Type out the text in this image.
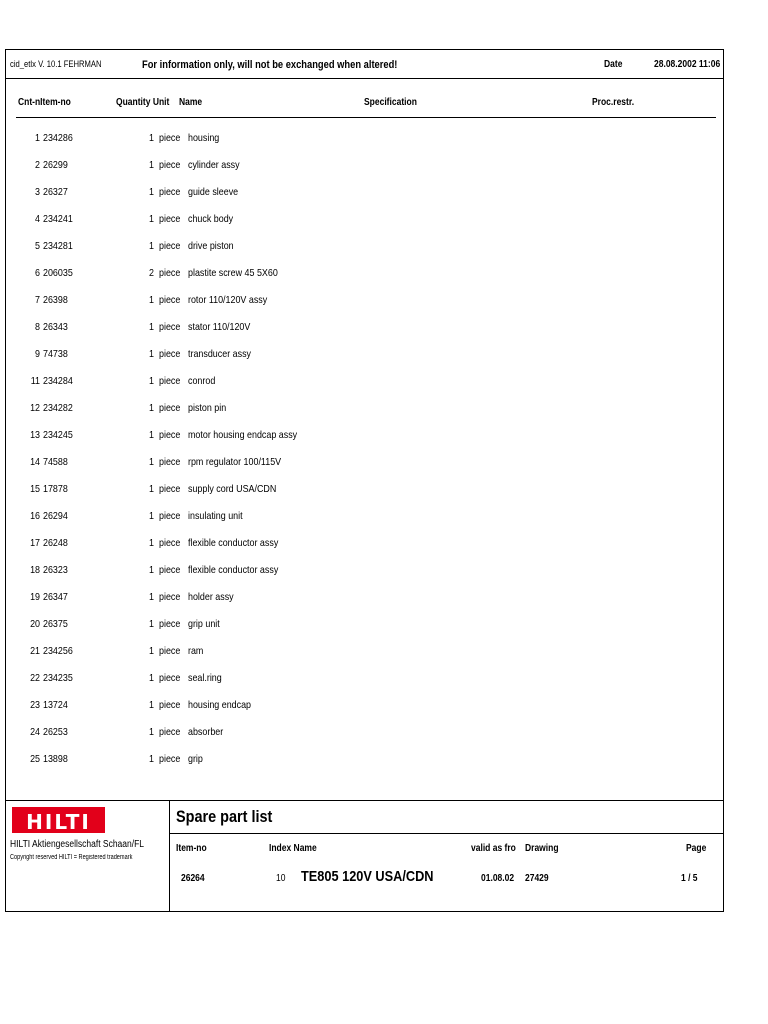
cid_etlx V. 10.1 FEHRMAN	For information only, will not be exchanged when altered!	Date	28.08.2002 11:06
Cnt-nItem-no	Quantity Unit Name	Specification	Proc.restr.
1 234286	1 piece housing
2 26299	1 piece cylinder assy
3 26327	1 piece guide sleeve
4 234241	1 piece chuck body
5 234281	1 piece drive piston
6 206035	2 piece plastite screw 45 5X60
7 26398	1 piece rotor 110/120V assy
8 26343	1 piece stator 110/120V
9 74738	1 piece transducer assy
11 234284	1 piece conrod
12 234282	1 piece piston pin
13 234245	1 piece motor housing endcap assy
14 74588	1 piece rpm regulator 100/115V
15 17878	1 piece supply cord USA/CDN
16 26294	1 piece insulating unit
17 26248	1 piece flexible conductor assy
18 26323	1 piece flexible conductor assy
19 26347	1 piece holder assy
20 26375	1 piece grip unit
21 234256	1 piece ram
22 234235	1 piece seal.ring
23 13724	1 piece housing endcap
24 26253	1 piece absorber
25 13898	1 piece grip
HILTI
HILTI Aktiengesellschaft Schaan/FL
Copyright reserved HILTI = Registered trademark
Spare part list
Item-no	Index Name	valid as fro Drawing	Page
26264	10 TE805 120V USA/CDN	01.08.02 27429	1 / 5
